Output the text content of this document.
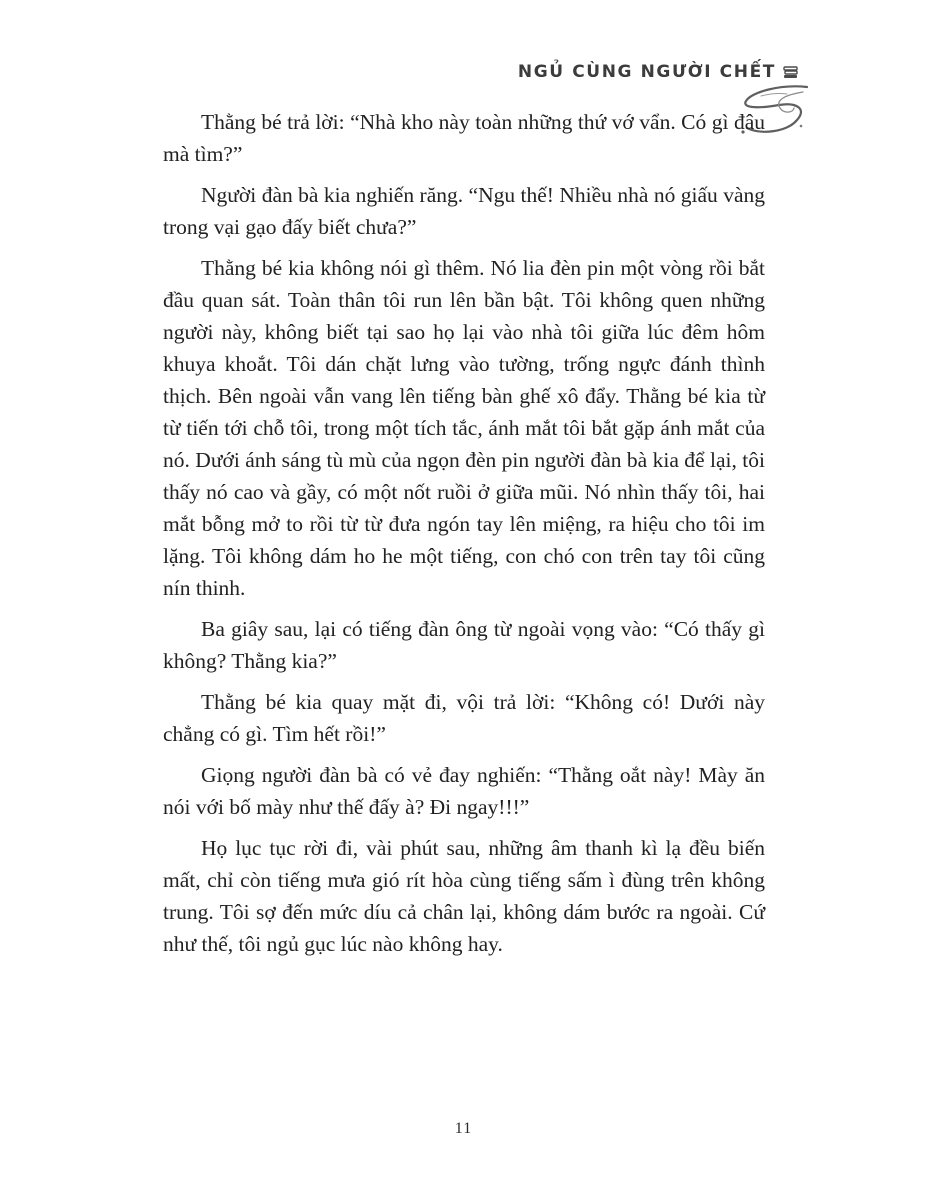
NGỦ CÙNG NGƯỜI CHẾT

Thằng bé trả lời: “Nhà kho này toàn những thứ vớ vẩn. Có gì đâu mà tìm?”

Người đàn bà kia nghiến răng. “Ngu thế! Nhiều nhà nó giấu vàng trong vại gạo đấy biết chưa?”

Thằng bé kia không nói gì thêm. Nó lia đèn pin một vòng rồi bắt đầu quan sát. Toàn thân tôi run lên bần bật. Tôi không quen những người này, không biết tại sao họ lại vào nhà tôi giữa lúc đêm hôm khuya khoắt. Tôi dán chặt lưng vào tường, trống ngực đánh thình thịch. Bên ngoài vẫn vang lên tiếng bàn ghế xô đẩy. Thằng bé kia từ từ tiến tới chỗ tôi, trong một tích tắc, ánh mắt tôi bắt gặp ánh mắt của nó. Dưới ánh sáng tù mù của ngọn đèn pin người đàn bà kia để lại, tôi thấy nó cao và gầy, có một nốt ruồi ở giữa mũi. Nó nhìn thấy tôi, hai mắt bỗng mở to rồi từ từ đưa ngón tay lên miệng, ra hiệu cho tôi im lặng. Tôi không dám ho he một tiếng, con chó con trên tay tôi cũng nín thinh.

Ba giây sau, lại có tiếng đàn ông từ ngoài vọng vào: “Có thấy gì không? Thằng kia?”

Thằng bé kia quay mặt đi, vội trả lời: “Không có! Dưới này chẳng có gì. Tìm hết rồi!”

Giọng người đàn bà có vẻ đay nghiến: “Thằng oắt này! Mày ăn nói với bố mày như thế đấy à? Đi ngay!!!”

Họ lục tục rời đi, vài phút sau, những âm thanh kì lạ đều biến mất, chỉ còn tiếng mưa gió rít hòa cùng tiếng sấm ì đùng trên không trung. Tôi sợ đến mức díu cả chân lại, không dám bước ra ngoài. Cứ như thế, tôi ngủ gục lúc nào không hay.

11
